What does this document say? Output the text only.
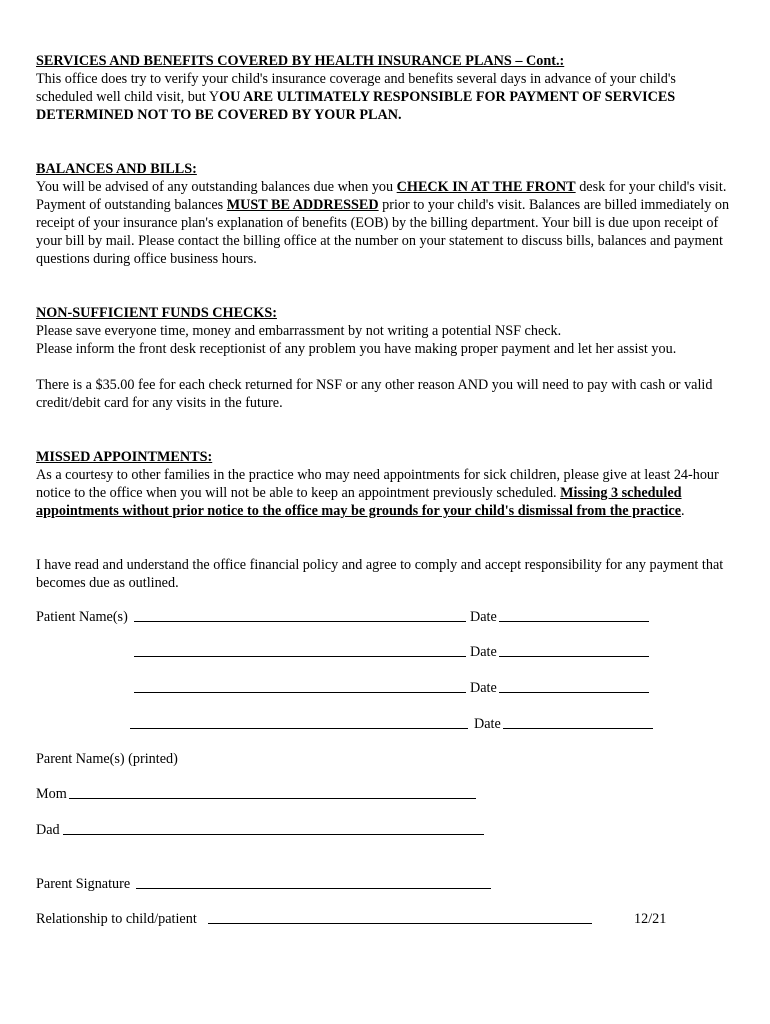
SERVICES AND BENEFITS COVERED BY HEALTH INSURANCE PLANS – Cont.:

This office does try to verify your child's insurance coverage and benefits several days in advance of your child's scheduled well child visit, but YOU ARE ULTIMATELY RESPONSIBLE FOR PAYMENT OF SERVICES DETERMINED NOT TO BE COVERED BY YOUR PLAN.

BALANCES AND BILLS:

You will be advised of any outstanding balances due when you CHECK IN AT THE FRONT desk for your child's visit. Payment of outstanding balances MUST BE ADDRESSED prior to your child's visit. Balances are billed immediately on receipt of your insurance plan's explanation of benefits (EOB) by the billing department. Your bill is due upon receipt of your bill by mail. Please contact the billing office at the number on your statement to discuss bills, balances and payment questions during office business hours.

NON-SUFFICIENT FUNDS CHECKS:

Please save everyone time, money and embarrassment by not writing a potential NSF check.

Please inform the front desk receptionist of any problem you have making proper payment and let her assist you.

There is a $35.00 fee for each check returned for NSF or any other reason AND you will need to pay with cash or valid credit/debit card for any visits in the future.

MISSED APPOINTMENTS:

As a courtesy to other families in the practice who may need appointments for sick children, please give at least 24-hour notice to the office when you will not be able to keep an appointment previously scheduled. Missing 3 scheduled appointments without prior notice to the office may be grounds for your child's dismissal from the practice.

I have read and understand the office financial policy and agree to comply and accept responsibility for any payment that becomes due as outlined.

Patient Name(s)	Date
Date
Date
Date

Parent Name(s) (printed)

Mom
Dad
Parent Signature
Relationship to child/patient	12/21
